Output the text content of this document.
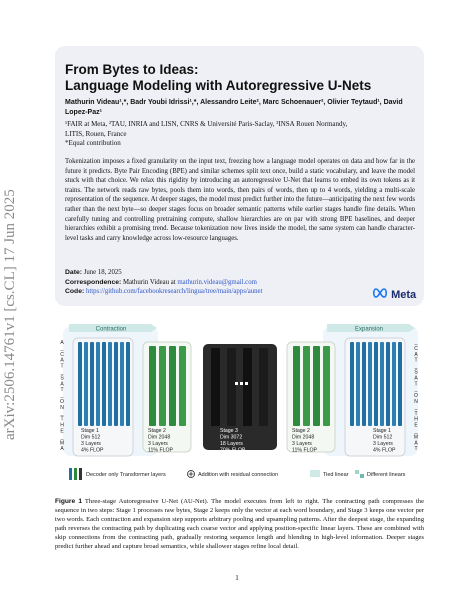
arXiv:2506.14761v1 [cs.CL] 17 Jun 2025
From Bytes to Ideas:
Language Modeling with Autoregressive U-Nets
Mathurin Videau¹,*, Badr Youbi Idrissi¹,*, Alessandro Leite², Marc Schoenauer², Olivier Teytaud¹, David
Lopez-Paz¹
¹FAIR at Meta, ²TAU, INRIA and LISN, CNRS & Université Paris-Saclay, ³INSA Rouen Normandy,
LITIS, Rouen, France
*Equal contribution
Tokenization imposes a fixed granularity on the input text, freezing how a language model operates on data and how far in the future it predicts. Byte Pair Encoding (BPE) and similar schemes split text once, build a static vocabulary, and leave the model stuck with that choice. We relax this rigidity by introducing an autoregressive U-Net that learns to embed its own tokens as it trains. The network reads raw bytes, pools them into words, then pairs of words, then up to 4 words, yielding a multi-scale representation of the sequence. At deeper stages, the model must predict further into the future—anticipating the next few words rather than the next byte—so deeper stages focus on broader semantic patterns while earlier stages handle fine details. When carefully tuning and controlling pretraining compute, shallow hierarchies are on par with strong BPE baselines, and deeper hierarchies exhibit a promising trend. Because tokenization now lives inside the model, the same system can handle character-level tasks and carry knowledge across low-resource languages.
Date: June 18, 2025
Correspondence: Mathurin Videau at mathurin.videau@gmail.com
Code: https://github.com/facebookresearch/lingua/tree/main/apps/aunet	Meta
Contraction	Expansion
A
_
C
A
T
_
S
A
T
_
O
N
_
T
H
E
_
M
A
_
C
A
T
_
S
A
T
_
O
N
_
T
H
E
_
M
A
T
Stage 1
Dim 512
3 Layers
4% FLOP
Stage 2
Dim 2048
3 Layers
11% FLOP
Stage 3
Dim 3072
18 Layers
70% FLOP
Stage 2
Dim 2048
3 Layers
11% FLOP
Stage 1
Dim 512
3 Layers
4% FLOP
Decoder only Transformer layers	Addition with residual connection	Tied linear	Different linears
Figure 1 Three-stage Autoregressive U-Net (AU-Net). The model executes from left to right. The contracting path compresses the sequence in two steps: Stage 1 processes raw bytes, Stage 2 keeps only the vector at each word boundary, and Stage 3 keeps one vector per two words. Each contraction and expansion step supports arbitrary pooling and upsampling patterns. After the deepest stage, the expanding path reverses the contracting path by duplicating each coarse vector and applying position-specific linear layers. These are combined with skip connections from the contracting path, gradually restoring sequence length and blending in high-level information. Deeper stages predict further ahead and capture broad semantics, while shallower stages refine local detail.
1
